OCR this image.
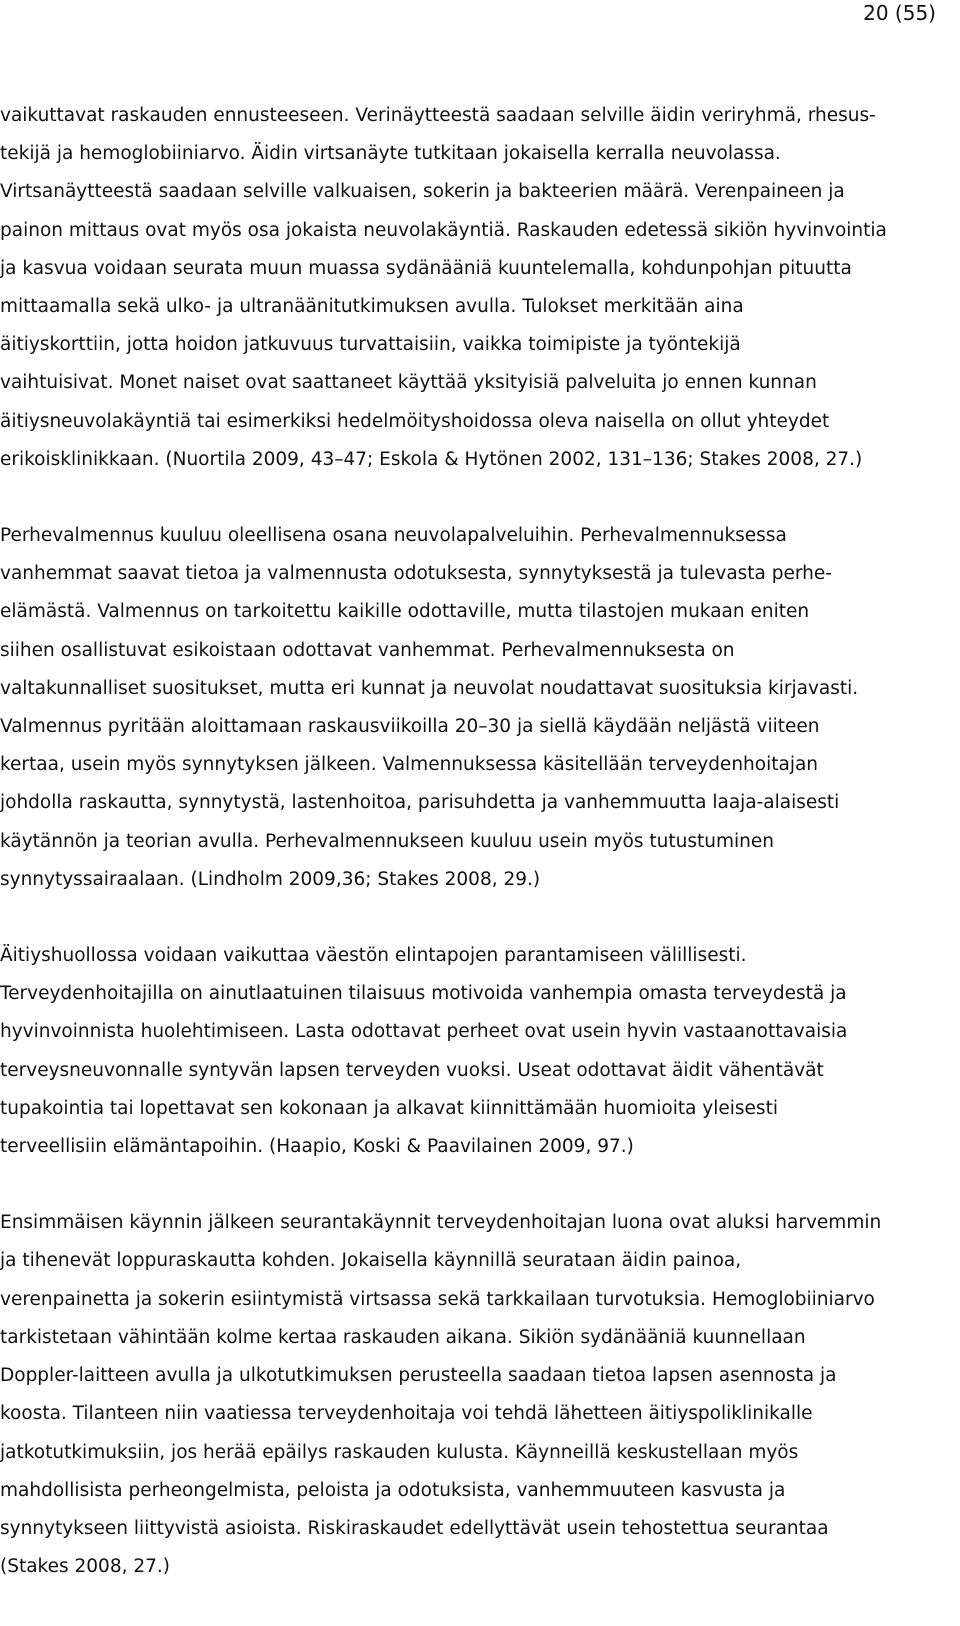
20 (55)

vaikuttavat raskauden ennusteeseen. Verinäytteestä saadaan selville äidin veriryhmä, rhesus-
tekijä ja hemoglobiiniarvo. Äidin virtsanäyte tutkitaan jokaisella kerralla neuvolassa.
Virtsanäytteestä saadaan selville valkuaisen, sokerin ja bakteerien määrä. Verenpaineen ja
painon mittaus ovat myös osa jokaista neuvolakäyntiä. Raskauden edetessä sikiön hyvinvointia
ja kasvua voidaan seurata muun muassa sydänääniä kuuntelemalla, kohdunpohjan pituutta
mittaamalla sekä ulko- ja ultranäänitutkimuksen avulla. Tulokset merkitään aina
äitiyskorttiin, jotta hoidon jatkuvuus turvattaisiin, vaikka toimipiste ja työntekijä
vaihtuisivat. Monet naiset ovat saattaneet käyttää yksityisiä palveluita jo ennen kunnan
äitiysneuvolakäyntiä tai esimerkiksi hedelmöityshoidossa oleva naisella on ollut yhteydet
erikoisklinikkaan. (Nuortila 2009, 43–47; Eskola & Hytönen 2002, 131–136; Stakes 2008, 27.)

Perhevalmennus kuuluu oleellisena osana neuvolapalveluihin. Perhevalmennuksessa
vanhemmat saavat tietoa ja valmennusta odotuksesta, synnytyksestä ja tulevasta perhe-
elämästä. Valmennus on tarkoitettu kaikille odottaville, mutta tilastojen mukaan eniten
siihen osallistuvat esikoistaan odottavat vanhemmat. Perhevalmennuksesta on
valtakunnalliset suositukset, mutta eri kunnat ja neuvolat noudattavat suosituksia kirjavasti.
Valmennus pyritään aloittamaan raskausviikoilla 20–30 ja siellä käydään neljästä viiteen
kertaa, usein myös synnytyksen jälkeen. Valmennuksessa käsitellään terveydenhoitajan
johdolla raskautta, synnytystä, lastenhoitoa, parisuhdetta ja vanhemmuutta laaja-alaisesti
käytännön ja teorian avulla. Perhevalmennukseen kuuluu usein myös tutustuminen
synnytyssairaalaan. (Lindholm 2009,36; Stakes 2008, 29.)

Äitiyshuollossa voidaan vaikuttaa väestön elintapojen parantamiseen välillisesti.
Terveydenhoitajilla on ainutlaatuinen tilaisuus motivoida vanhempia omasta terveydestä ja
hyvinvoinnista huolehtimiseen. Lasta odottavat perheet ovat usein hyvin vastaanottavaisia
terveysneuvonnalle syntyvän lapsen terveyden vuoksi. Useat odottavat äidit vähentävät
tupakointia tai lopettavat sen kokonaan ja alkavat kiinnittämään huomioita yleisesti
terveellisiin elämäntapoihin. (Haapio, Koski & Paavilainen 2009, 97.)

Ensimmäisen käynnin jälkeen seurantakäynnit terveydenhoitajan luona ovat aluksi harvemmin
ja tihenevät loppuraskautta kohden. Jokaisella käynnillä seurataan äidin painoa,
verenpainetta ja sokerin esiintymistä virtsassa sekä tarkkailaan turvotuksia. Hemoglobiiniarvo
tarkistetaan vähintään kolme kertaa raskauden aikana. Sikiön sydänääniä kuunnellaan
Doppler-laitteen avulla ja ulkotutkimuksen perusteella saadaan tietoa lapsen asennosta ja
koosta. Tilanteen niin vaatiessa terveydenhoitaja voi tehdä lähetteen äitiyspoliklinikalle
jatkotutkimuksiin, jos herää epäilys raskauden kulusta. Käynneillä keskustellaan myös
mahdollisista perheongelmista, peloista ja odotuksista, vanhemmuuteen kasvusta ja
synnytykseen liittyvistä asioista. Riskiraskaudet edellyttävät usein tehostettua seurantaa
(Stakes 2008, 27.)
